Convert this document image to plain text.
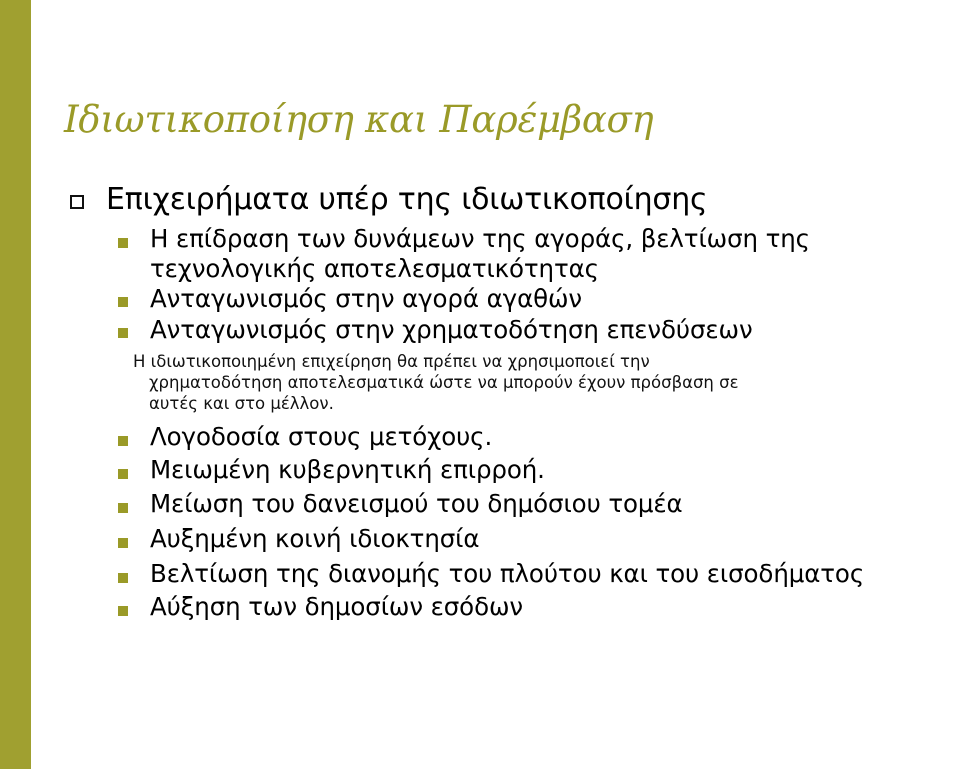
Ιδιωτικοποίηση και Παρέμβαση
Επιχειρήματα υπέρ της ιδιωτικοποίησης
Η επίδραση των δυνάμεων της αγοράς, βελτίωση της
τεχνολογικής αποτελεσματικότητας
Ανταγωνισμός στην αγορά αγαθών
Ανταγωνισμός στην χρηματοδότηση επενδύσεων
Η ιδιωτικοποιημένη επιχείρηση θα πρέπει να χρησιμοποιεί την
χρηματοδότηση αποτελεσματικά ώστε να μπορούν έχουν πρόσβαση σε
αυτές και στο μέλλον.
Λογοδοσία στους μετόχους.
Μειωμένη κυβερνητική επιρροή.
Μείωση του δανεισμού του δημόσιου τομέα
Αυξημένη κοινή ιδιοκτησία
Βελτίωση της διανομής του πλούτου και του εισοδήματος
Αύξηση των δημοσίων εσόδων
